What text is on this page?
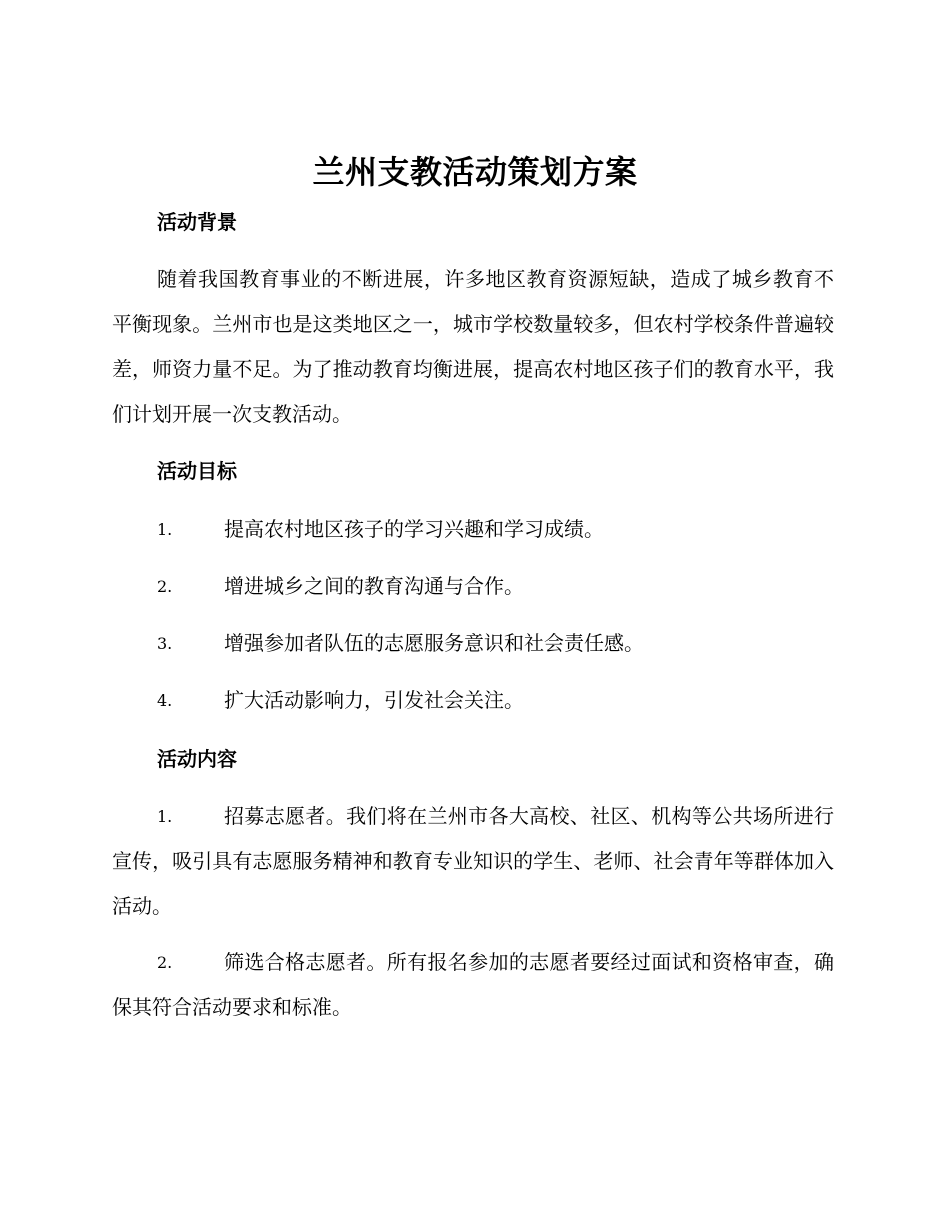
兰州支教活动策划方案
活动背景
随着我国教育事业的不断进展，许多地区教育资源短缺，造成了城乡教育不平衡现象。兰州市也是这类地区之一，城市学校数量较多，但农村学校条件普遍较差，师资力量不足。为了推动教育均衡进展，提高农村地区孩子们的教育水平，我们计划开展一次支教活动。
活动目标
1.	提高农村地区孩子的学习兴趣和学习成绩。
2.	增进城乡之间的教育沟通与合作。
3.	增强参加者队伍的志愿服务意识和社会责任感。
4.	扩大活动影响力，引发社会关注。
活动内容
1.	招募志愿者。我们将在兰州市各大高校、社区、机构等公共场所进行宣传，吸引具有志愿服务精神和教育专业知识的学生、老师、社会青年等群体加入活动。
2.	筛选合格志愿者。所有报名参加的志愿者要经过面试和资格审查，确保其符合活动要求和标准。
